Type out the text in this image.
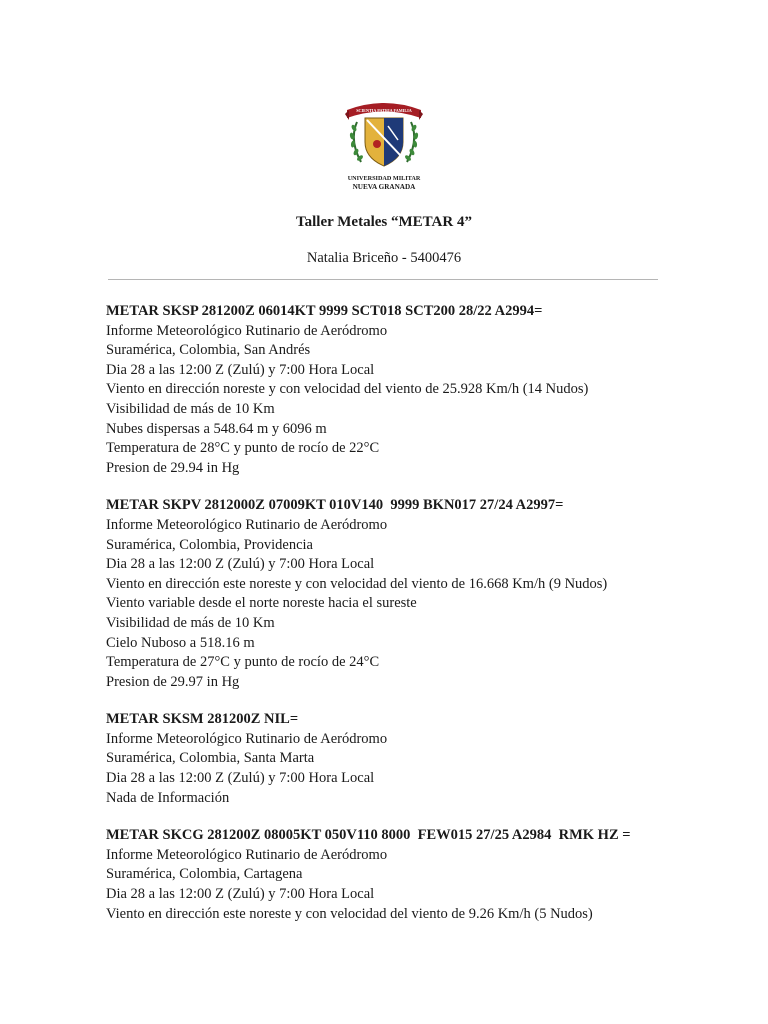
SCIENTIA PATRIA FAMILIA
UNIVERSIDAD MILITAR
NUEVA GRANADA
Taller Metales “METAR 4”
Natalia Briceño - 5400476
METAR SKSP 281200Z 06014KT 9999 SCT018 SCT200 28/22 A2994=
Informe Meteorológico Rutinario de Aeródromo
Suramérica, Colombia, San Andrés
Dia 28 a las 12:00 Z (Zulú) y 7:00 Hora Local
Viento en dirección noreste y con velocidad del viento de 25.928 Km/h (14 Nudos)
Visibilidad de más de 10 Km
Nubes dispersas a 548.64 m y 6096 m
Temperatura de 28°C y punto de rocío de 22°C
Presion de 29.94 in Hg
METAR SKPV 2812000Z 07009KT 010V140  9999 BKN017 27/24 A2997=
Informe Meteorológico Rutinario de Aeródromo
Suramérica, Colombia, Providencia
Dia 28 a las 12:00 Z (Zulú) y 7:00 Hora Local
Viento en dirección este noreste y con velocidad del viento de 16.668 Km/h (9 Nudos)
Viento variable desde el norte noreste hacia el sureste
Visibilidad de más de 10 Km
Cielo Nuboso a 518.16 m
Temperatura de 27°C y punto de rocío de 24°C
Presion de 29.97 in Hg
METAR SKSM 281200Z NIL=
Informe Meteorológico Rutinario de Aeródromo
Suramérica, Colombia, Santa Marta
Dia 28 a las 12:00 Z (Zulú) y 7:00 Hora Local
Nada de Información
METAR SKCG 281200Z 08005KT 050V110 8000  FEW015 27/25 A2984  RMK HZ =
Informe Meteorológico Rutinario de Aeródromo
Suramérica, Colombia, Cartagena
Dia 28 a las 12:00 Z (Zulú) y 7:00 Hora Local
Viento en dirección este noreste y con velocidad del viento de 9.26 Km/h (5 Nudos)
